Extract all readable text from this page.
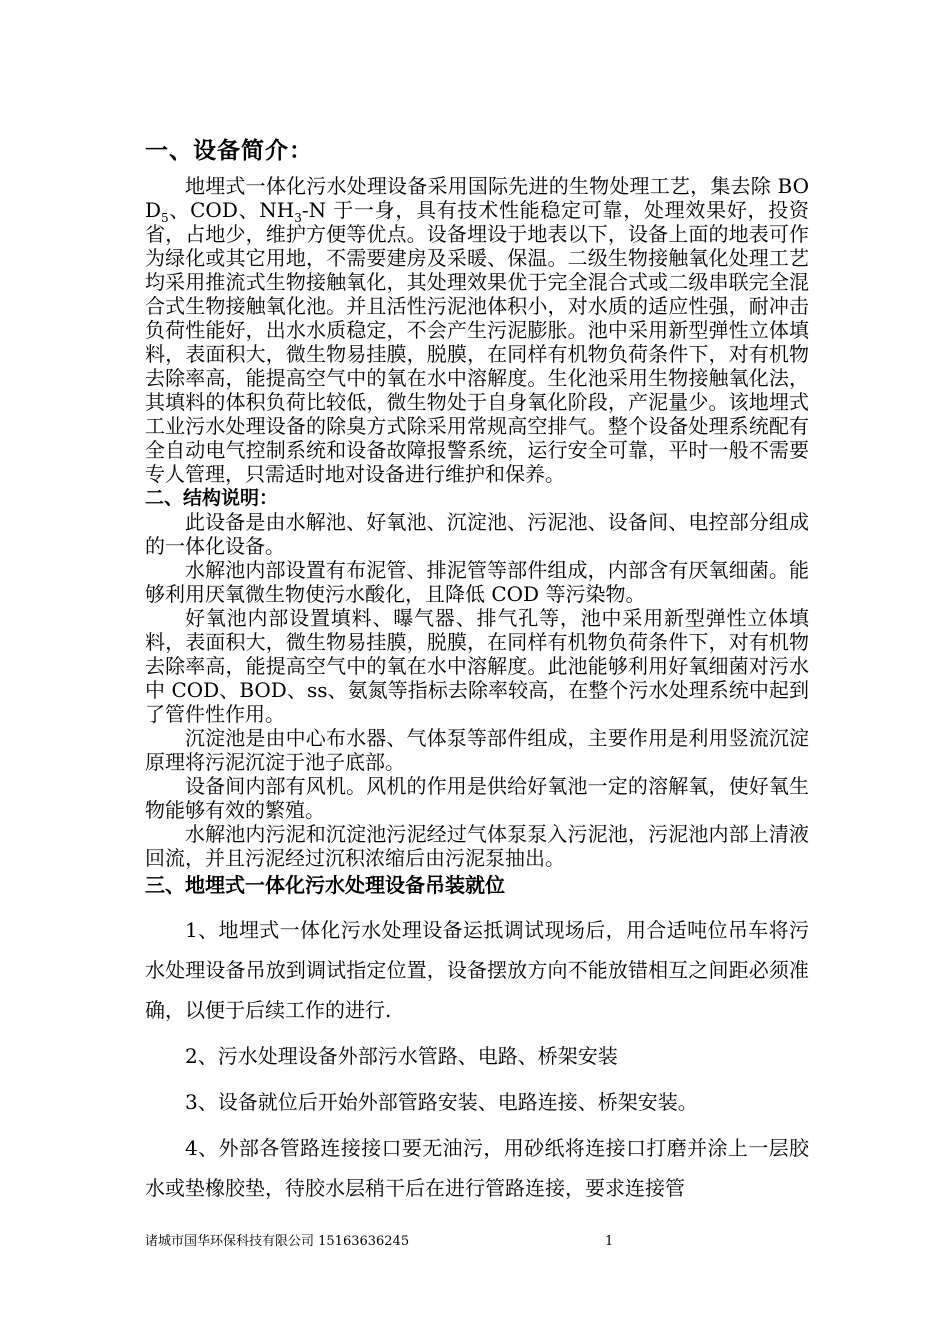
一、设备简介：

地埋式一体化污水处理设备采用国际先进的生物处理工艺，集去除 $BOD_5$、COD、$NH_3-N$ 于一身，具有技术性能稳定可靠，处理效果好，投资省，占地少，维护方便等优点。设备埋设于地表以下，设备上面的地表可作为绿化或其它用地，不需要建房及采暖、保温。二级生物接触氧化处理工艺均采用推流式生物接触氧化，其处理效果优于完全混合式或二级串联完全混合式生物接触氧化池。并且活性污泥池体积小，对水质的适应性强，耐冲击负荷性能好，出水水质稳定，不会产生污泥膨胀。池中采用新型弹性立体填料，表面积大，微生物易挂膜，脱膜，在同样有机物负荷条件下，对有机物去除率高，能提高空气中的氧在水中溶解度。生化池采用生物接触氧化法，其填料的体积负荷比较低，微生物处于自身氧化阶段，产泥量少。该地埋式工业污水处理设备的除臭方式除采用常规高空排气。整个设备处理系统配有全自动电气控制系统和设备故障报警系统，运行安全可靠，平时一般不需要专人管理，只需适时地对设备进行维护和保养。

二、结构说明：

此设备是由水解池、好氧池、沉淀池、污泥池、设备间、电控部分组成的一体化设备。

水解池内部设置有布泥管、排泥管等部件组成，内部含有厌氧细菌。能够利用厌氧微生物使污水酸化，且降低 COD 等污染物。

好氧池内部设置填料、曝气器、排气孔等，池中采用新型弹性立体填料，表面积大，微生物易挂膜，脱膜，在同样有机物负荷条件下，对有机物去除率高，能提高空气中的氧在水中溶解度。此池能够利用好氧细菌对污水中 COD、BOD、ss、氨氮等指标去除率较高，在整个污水处理系统中起到了管件性作用。

沉淀池是由中心布水器、气体泵等部件组成，主要作用是利用竖流沉淀原理将污泥沉淀于池子底部。

设备间内部有风机。风机的作用是供给好氧池一定的溶解氧，使好氧生物能够有效的繁殖。

水解池内污泥和沉淀池污泥经过气体泵泵入污泥池，污泥池内部上清液回流，并且污泥经过沉积浓缩后由污泥泵抽出。

三、地埋式一体化污水处理设备吊装就位

1、地埋式一体化污水处理设备运抵调试现场后，用合适吨位吊车将污水处理设备吊放到调试指定位置，设备摆放方向不能放错相互之间距必须准确，以便于后续工作的进行.

2、污水处理设备外部污水管路、电路、桥架安装

3、设备就位后开始外部管路安装、电路连接、桥架安装。

4、外部各管路连接接口要无油污，用砂纸将连接口打磨并涂上一层胶水或垫橡胶垫，待胶水层稍干后在进行管路连接，要求连接管

诸城市国华环保科技有限公司 15163636245	1
